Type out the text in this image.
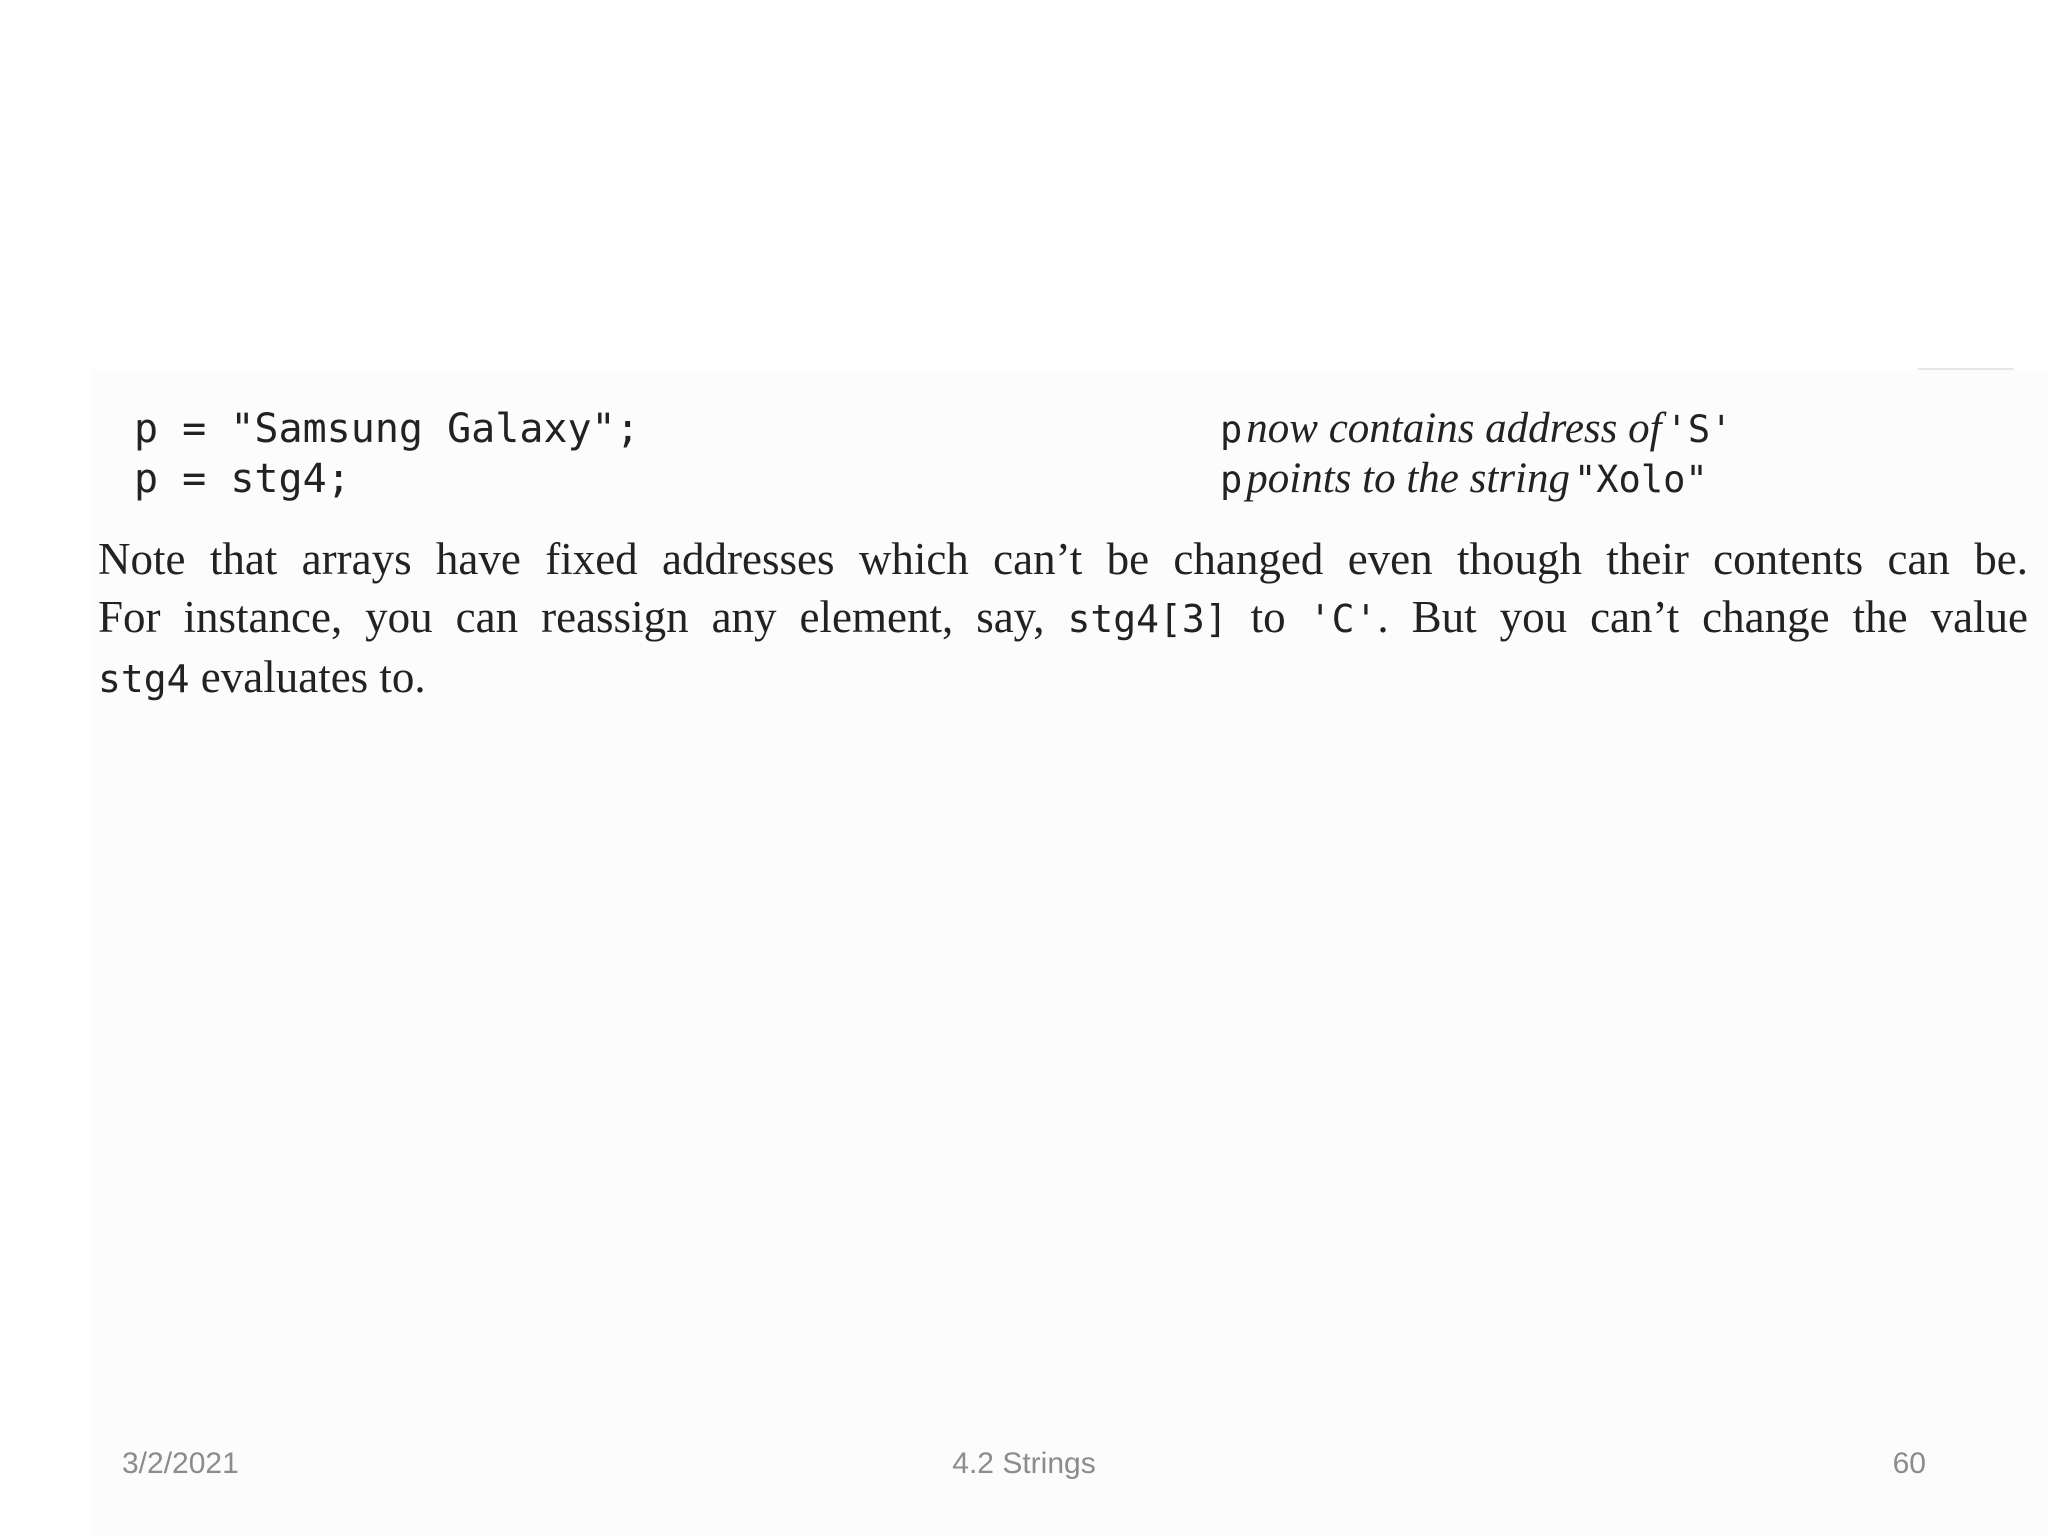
p = "Samsung Galaxy";
p = stg4;
p now contains address of 'S'
p points to the string "Xolo"
Note that arrays have fixed addresses which can’t be changed even though their contents can be.
For instance, you can reassign any element, say, stg4[3] to 'C'. But you can’t change the value
stg4 evaluates to.
3/2/2021	4.2 Strings	60
